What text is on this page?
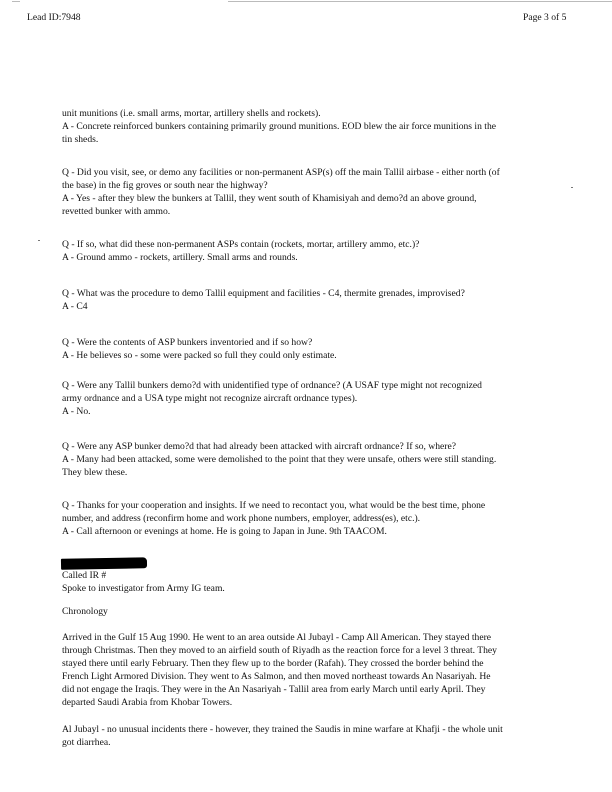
Lead ID:7948	Page 3 of 5
unit munitions (i.e. small arms, mortar, artillery shells and rockets).
A - Concrete reinforced bunkers containing primarily ground munitions. EOD blew the air force munitions in the
tin sheds.
Q - Did you visit, see, or demo any facilities or non-permanent ASP(s) off the main Tallil airbase - either north (of
the base) in the fig groves or south near the highway?
A - Yes - after they blew the bunkers at Tallil, they went south of Khamisiyah and demo?d an above ground,
revetted bunker with ammo.
Q - If so, what did these non-permanent ASPs contain (rockets, mortar, artillery ammo, etc.)?
A - Ground ammo - rockets, artillery. Small arms and rounds.
Q - What was the procedure to demo Tallil equipment and facilities - C4, thermite grenades, improvised?
A - C4
Q - Were the contents of ASP bunkers inventoried and if so how?
A - He believes so - some were packed so full they could only estimate.
Q - Were any Tallil bunkers demo?d with unidentified type of ordnance? (A USAF type might not recognized
army ordnance and a USA type might not recognize aircraft ordnance types).
A - No.
Q - Were any ASP bunker demo?d that had already been attacked with aircraft ordnance? If so, where?
A - Many had been attacked, some were demolished to the point that they were unsafe, others were still standing.
They blew these.
Q - Thanks for your cooperation and insights. If we need to recontact you, what would be the best time, phone
number, and address (reconfirm home and work phone numbers, employer, address(es), etc.).
A - Call afternoon or evenings at home. He is going to Japan in June. 9th TAACOM.
Called IR #
Spoke to investigator from Army IG team.
Chronology
Arrived in the Gulf 15 Aug 1990. He went to an area outside Al Jubayl - Camp All American. They stayed there
through Christmas. Then they moved to an airfield south of Riyadh as the reaction force for a level 3 threat. They
stayed there until early February. Then they flew up to the border (Rafah). They crossed the border behind the
French Light Armored Division. They went to As Salmon, and then moved northeast towards An Nasariyah. He
did not engage the Iraqis. They were in the An Nasariyah - Tallil area from early March until early April. They
departed Saudi Arabia from Khobar Towers.
Al Jubayl - no unusual incidents there - however, they trained the Saudis in mine warfare at Khafji - the whole unit
got diarrhea.
